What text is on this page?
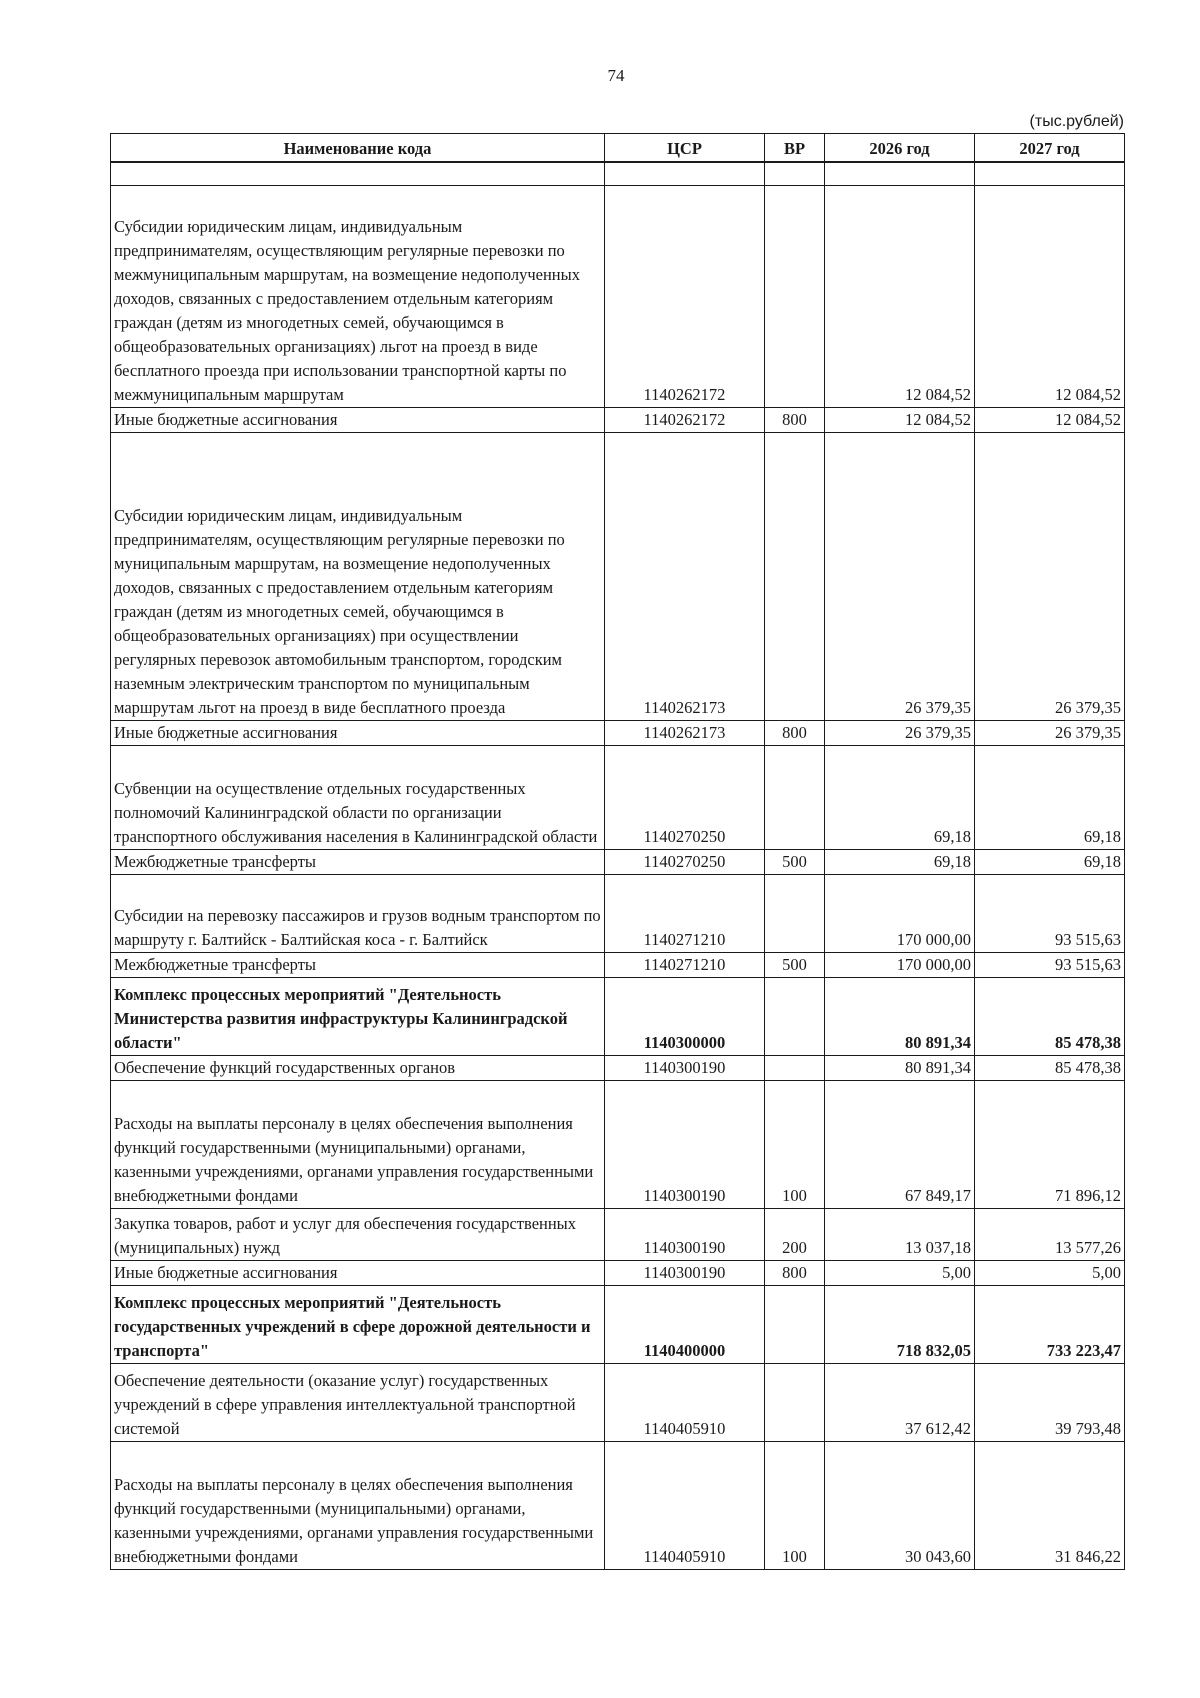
74
(тыс.рублей)
Наименование кода	ЦСР	ВР	2026 год	2027 год

Субсидии юридическим лицам, индивидуальным предпринимателям, осуществляющим регулярные перевозки по межмуниципальным маршрутам, на возмещение недополученных доходов, связанных с предоставлением отдельным категориям граждан (детям из многодетных семей, обучающимся в общеобразовательных организациях) льгот на проезд в виде бесплатного проезда при использовании транспортной карты по межмуниципальным маршрутам	1140262172		12 084,52	12 084,52
Иные бюджетные ассигнования	1140262172	800	12 084,52	12 084,52
Субсидии юридическим лицам, индивидуальным предпринимателям, осуществляющим регулярные перевозки по муниципальным маршрутам, на возмещение недополученных доходов, связанных с предоставлением отдельным категориям граждан (детям из многодетных семей, обучающимся в общеобразовательных организациях) при осуществлении регулярных перевозок автомобильным транспортом, городским наземным электрическим транспортом по муниципальным маршрутам льгот на проезд в виде бесплатного проезда	1140262173		26 379,35	26 379,35
Иные бюджетные ассигнования	1140262173	800	26 379,35	26 379,35
Субвенции на осуществление отдельных государственных полномочий Калининградской области по организации транспортного обслуживания населения в Калининградской области	1140270250		69,18	69,18
Межбюджетные трансферты	1140270250	500	69,18	69,18
Субсидии на перевозку пассажиров и грузов водным транспортом по маршруту г. Балтийск - Балтийская коса - г. Балтийск	1140271210		170 000,00	93 515,63
Межбюджетные трансферты	1140271210	500	170 000,00	93 515,63
Комплекс процессных мероприятий "Деятельность Министерства развития инфраструктуры Калининградской области"	1140300000		80 891,34	85 478,38
Обеспечение функций государственных органов	1140300190		80 891,34	85 478,38
Расходы на выплаты персоналу в целях обеспечения выполнения функций государственными (муниципальными) органами, казенными учреждениями, органами управления государственными внебюджетными фондами	1140300190	100	67 849,17	71 896,12
Закупка товаров, работ и услуг для обеспечения государственных (муниципальных) нужд	1140300190	200	13 037,18	13 577,26
Иные бюджетные ассигнования	1140300190	800	5,00	5,00
Комплекс процессных мероприятий "Деятельность государственных учреждений в сфере дорожной деятельности и транспорта"	1140400000		718 832,05	733 223,47
Обеспечение деятельности (оказание услуг) государственных учреждений в сфере управления интеллектуальной транспортной системой	1140405910		37 612,42	39 793,48
Расходы на выплаты персоналу в целях обеспечения выполнения функций государственными (муниципальными) органами, казенными учреждениями, органами управления государственными внебюджетными фондами	1140405910	100	30 043,60	31 846,22
